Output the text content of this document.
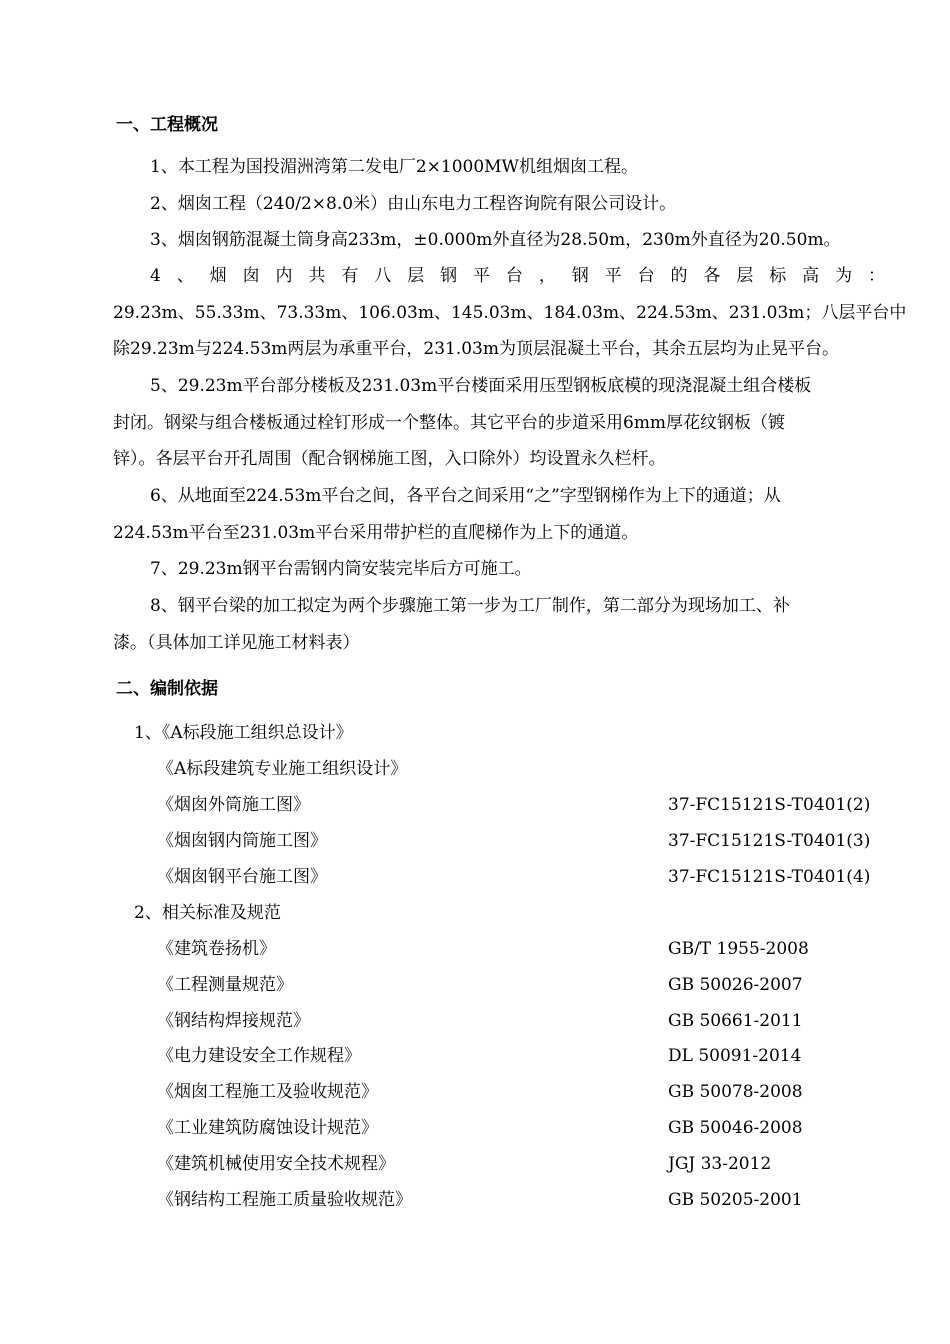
一、工程概况
1、本工程为国投湄洲湾第二发电厂2×1000MW机组烟囱工程。
2、烟囱工程（240/2×8.0米）由山东电力工程咨询院有限公司设计。
3、烟囱钢筋混凝土筒身高233m，±0.000m外直径为28.50m，230m外直径为20.50m。
4、烟囱内共有八层钢平台，钢平台的各层标高为：
29.23m、55.33m、73.33m、106.03m、145.03m、184.03m、224.53m、231.03m；八层平台中
除29.23m与224.53m两层为承重平台，231.03m为顶层混凝土平台，其余五层均为止晃平台。
5、29.23m平台部分楼板及231.03m平台楼面采用压型钢板底模的现浇混凝土组合楼板
封闭。钢梁与组合楼板通过栓钉形成一个整体。其它平台的步道采用6mm厚花纹钢板（镀
锌）。各层平台开孔周围（配合钢梯施工图，入口除外）均设置永久栏杆。
6、从地面至224.53m平台之间，各平台之间采用“之”字型钢梯作为上下的通道；从
224.53m平台至231.03m平台采用带护栏的直爬梯作为上下的通道。
7、29.23m钢平台需钢内筒安装完毕后方可施工。
8、钢平台梁的加工拟定为两个步骤施工第一步为工厂制作，第二部分为现场加工、补
漆。（具体加工详见施工材料表）
二、编制依据
1、《A标段施工组织总设计》
《A标段建筑专业施工组织设计》
《烟囱外筒施工图》	37-FC15121S-T0401(2)
《烟囱钢内筒施工图》	37-FC15121S-T0401(3)
《烟囱钢平台施工图》	37-FC15121S-T0401(4)
2、相关标准及规范
《建筑卷扬机》	GB/T 1955-2008
《工程测量规范》	GB 50026-2007
《钢结构焊接规范》	GB 50661-2011
《电力建设安全工作规程》	DL 50091-2014
《烟囱工程施工及验收规范》	GB 50078-2008
《工业建筑防腐蚀设计规范》	GB 50046-2008
《建筑机械使用安全技术规程》	JGJ 33-2012
《钢结构工程施工质量验收规范》	GB 50205-2001
